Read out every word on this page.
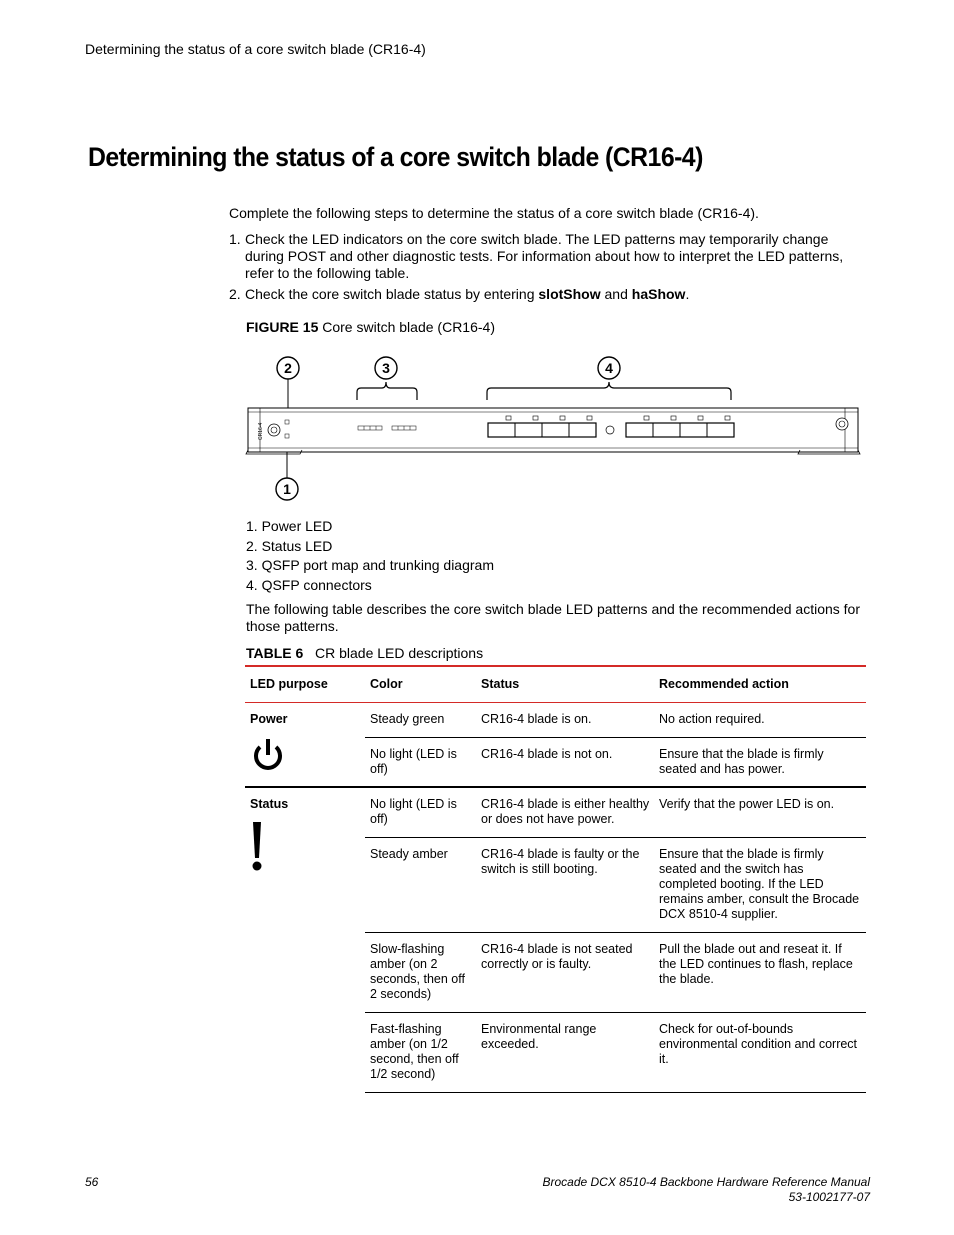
Determining the status of a core switch blade (CR16-4)
Determining the status of a core switch blade (CR16-4)
Complete the following steps to determine the status of a core switch blade (CR16-4).
1. Check the LED indicators on the core switch blade. The LED patterns may temporarily change during POST and other diagnostic tests. For information about how to interpret the LED patterns, refer to the following table.
2. Check the core switch blade status by entering slotShow and haShow.
FIGURE 15 Core switch blade (CR16-4)
2	3	4
1
CR16-4
1. Power LED
2. Status LED
3. QSFP port map and trunking diagram
4. QSFP connectors
The following table describes the core switch blade LED patterns and the recommended actions for those patterns.
TABLE 6 CR blade LED descriptions
LED purpose	Color	Status	Recommended action
Power	Steady green	CR16-4 blade is on.	No action required.
	No light (LED is off)	CR16-4 blade is not on.	Ensure that the blade is firmly seated and has power.
Status	No light (LED is off)	CR16-4 blade is either healthy or does not have power.	Verify that the power LED is on.
	Steady amber	CR16-4 blade is faulty or the switch is still booting.	Ensure that the blade is firmly seated and the switch has completed booting. If the LED remains amber, consult the Brocade DCX 8510-4 supplier.
	Slow-flashing amber (on 2 seconds, then off 2 seconds)	CR16-4 blade is not seated correctly or is faulty.	Pull the blade out and reseat it. If the LED continues to flash, replace the blade.
	Fast-flashing amber (on 1/2 second, then off 1/2 second)	Environmental range exceeded.	Check for out-of-bounds environmental condition and correct it.
56	Brocade DCX 8510-4 Backbone Hardware Reference Manual
53-1002177-07
